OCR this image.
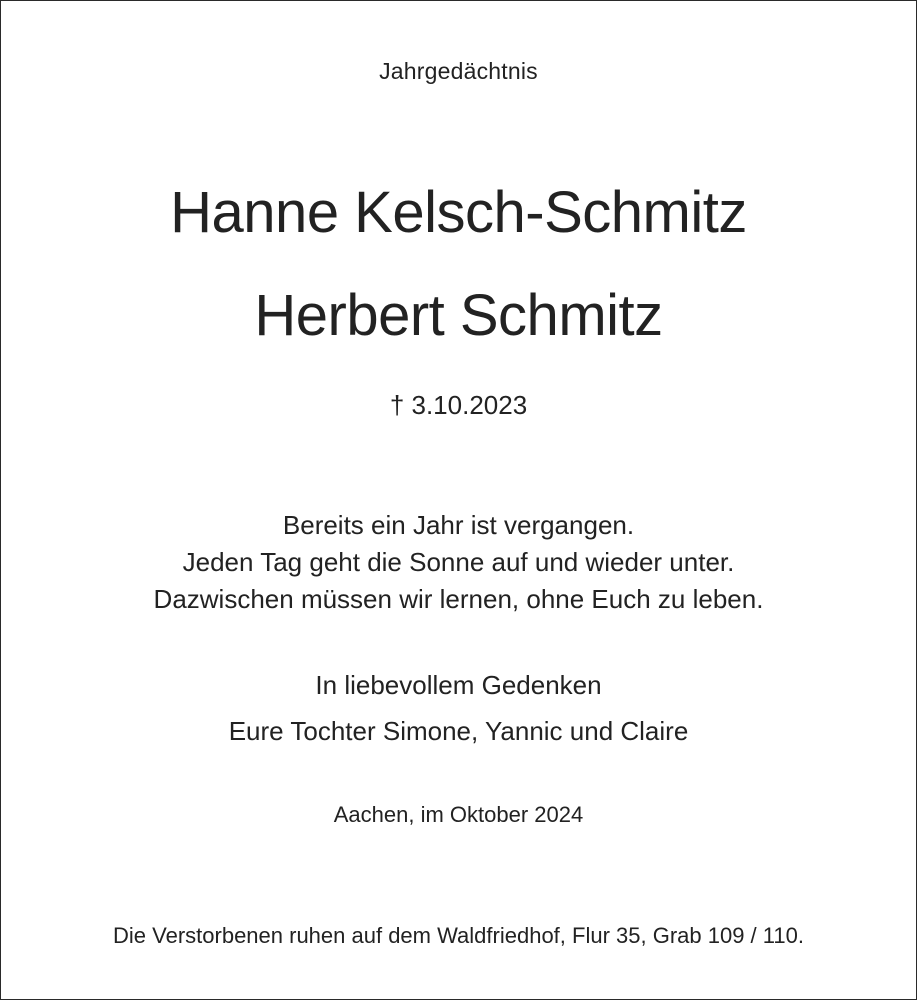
Jahrgedächtnis

Hanne Kelsch-Schmitz
Herbert Schmitz

† 3.10.2023

Bereits ein Jahr ist vergangen.

Jeden Tag geht die Sonne auf und wieder unter.

Dazwischen müssen wir lernen, ohne Euch zu leben.

In liebevollem Gedenken

Eure Tochter Simone, Yannic und Claire

Aachen, im Oktober 2024

Die Verstorbenen ruhen auf dem Waldfriedhof, Flur 35, Grab 109 / 110.
